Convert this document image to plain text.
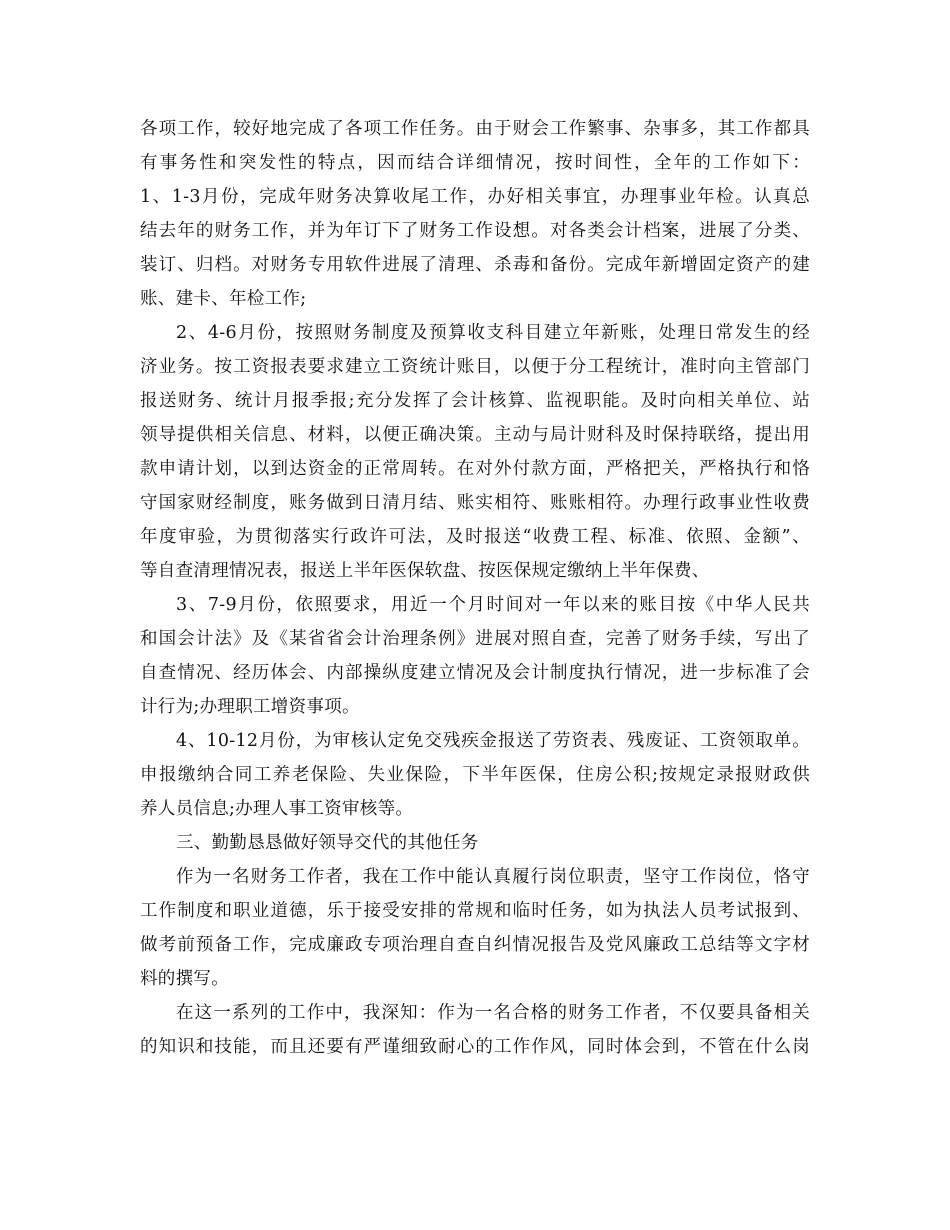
各项工作，较好地完成了各项工作任务。由于财会工作繁事、杂事多，其工作都具
有事务性和突发性的特点，因而结合详细情况，按时间性，全年的工作如下：
1、1-3月份，完成年财务决算收尾工作，办好相关事宜，办理事业年检。认真总
结去年的财务工作，并为年订下了财务工作设想。对各类会计档案，进展了分类、
装订、归档。对财务专用软件进展了清理、杀毒和备份。完成年新增固定资产的建
账、建卡、年检工作;
2、4-6月份，按照财务制度及预算收支科目建立年新账，处理日常发生的经
济业务。按工资报表要求建立工资统计账目，以便于分工程统计，准时向主管部门
报送财务、统计月报季报;充分发挥了会计核算、监视职能。及时向相关单位、站
领导提供相关信息、材料，以便正确决策。主动与局计财科及时保持联络，提出用
款申请计划，以到达资金的正常周转。在对外付款方面，严格把关，严格执行和恪
守国家财经制度，账务做到日清月结、账实相符、账账相符。办理行政事业性收费
年度审验，为贯彻落实行政许可法，及时报送“收费工程、标准、依照、金额”、
等自查清理情况表，报送上半年医保软盘、按医保规定缴纳上半年保费、
3、7-9月份，依照要求，用近一个月时间对一年以来的账目按《中华人民共
和国会计法》及《某省省会计治理条例》进展对照自查，完善了财务手续，写出了
自查情况、经历体会、内部操纵度建立情况及会计制度执行情况，进一步标准了会
计行为;办理职工增资事项。
4、10-12月份，为审核认定免交残疾金报送了劳资表、残废证、工资领取单。
申报缴纳合同工养老保险、失业保险，下半年医保，住房公积;按规定录报财政供
养人员信息;办理人事工资审核等。
三、勤勤恳恳做好领导交代的其他任务
作为一名财务工作者，我在工作中能认真履行岗位职责，坚守工作岗位，恪守
工作制度和职业道德，乐于接受安排的常规和临时任务，如为执法人员考试报到、
做考前预备工作，完成廉政专项治理自查自纠情况报告及党风廉政工总结等文字材
料的撰写。
在这一系列的工作中，我深知：作为一名合格的财务工作者，不仅要具备相关
的知识和技能，而且还要有严谨细致耐心的工作作风，同时体会到，不管在什么岗
